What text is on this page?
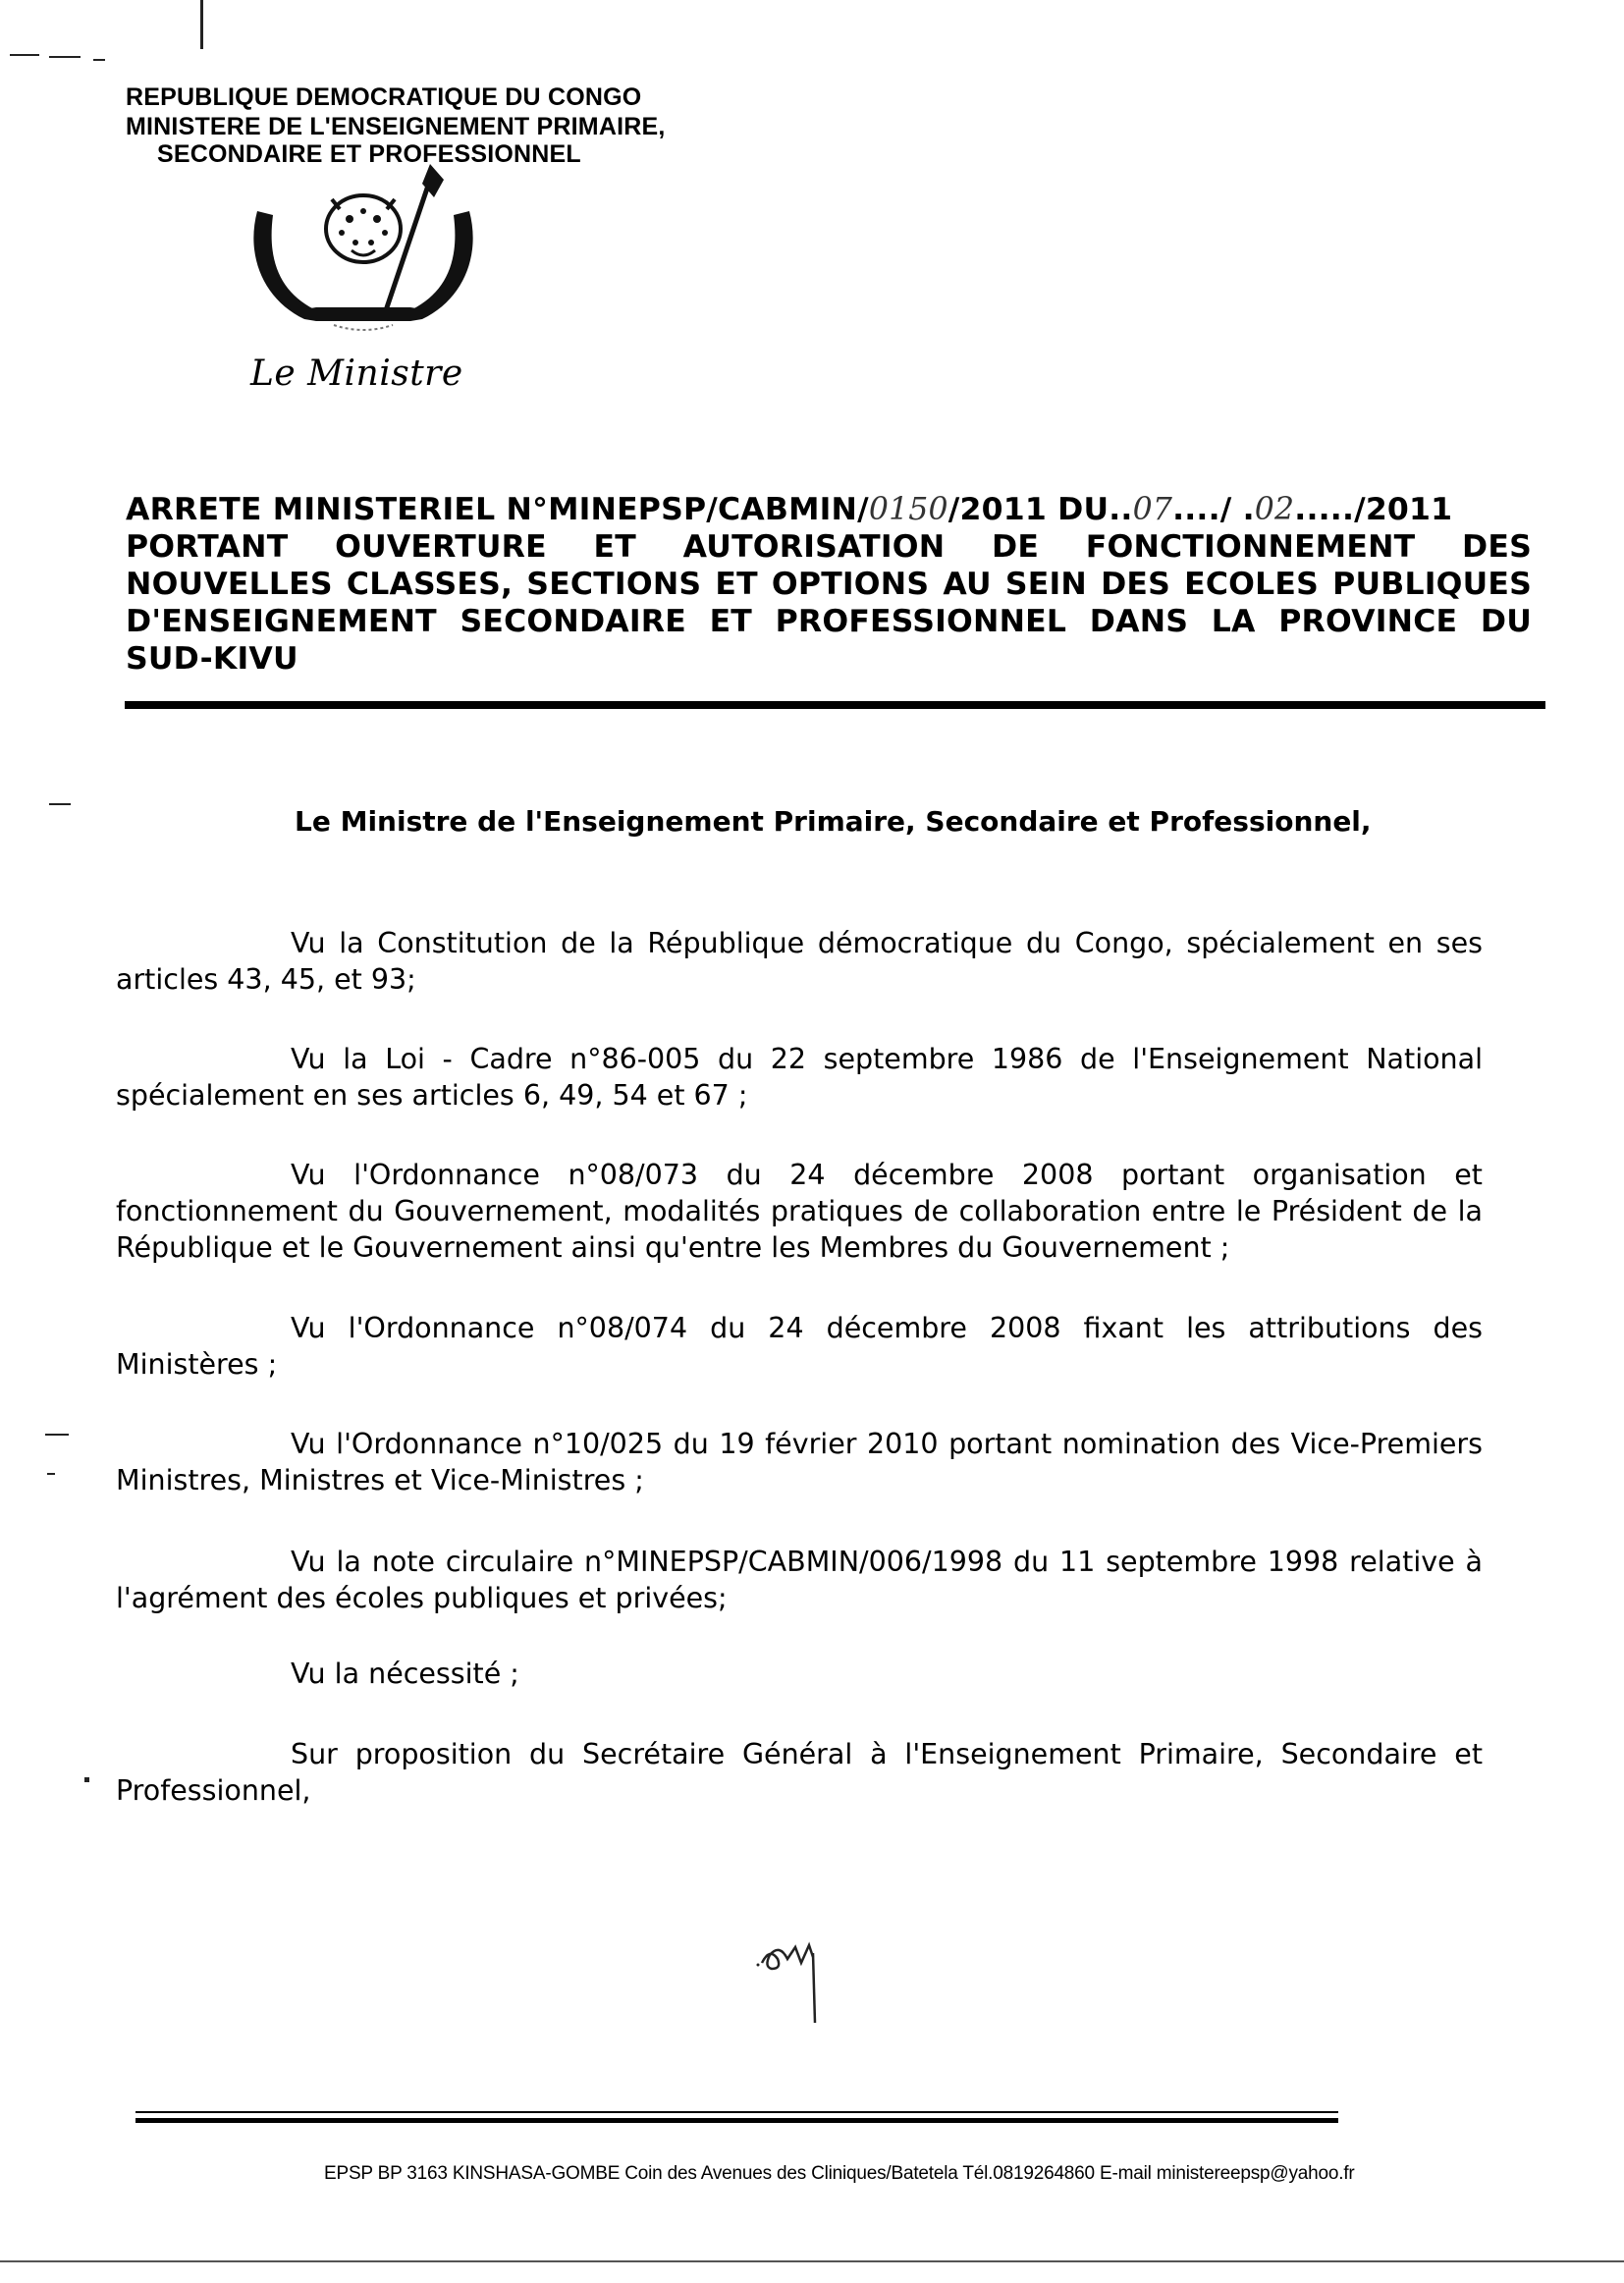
REPUBLIQUE DEMOCRATIQUE DU CONGO
MINISTERE DE L'ENSEIGNEMENT PRIMAIRE,
SECONDAIRE ET PROFESSIONNEL
Le Ministre
ARRETE MINISTERIEL N°MINEPSP/CABMIN/0150/2011 DU..07..../ .02...../2011
PORTANT OUVERTURE ET AUTORISATION DE FONCTIONNEMENT DES NOUVELLES CLASSES, SECTIONS ET OPTIONS AU SEIN DES ECOLES PUBLIQUES D'ENSEIGNEMENT SECONDAIRE ET PROFESSIONNEL DANS LA PROVINCE DU SUD-KIVU
Le Ministre de l'Enseignement Primaire, Secondaire et Professionnel,
Vu la Constitution de la République démocratique du Congo, spécialement en ses articles 43, 45, et 93;
Vu la Loi - Cadre n°86-005 du 22 septembre 1986 de l'Enseignement National spécialement en ses articles 6, 49, 54 et 67 ;
Vu l'Ordonnance n°08/073 du 24 décembre 2008 portant organisation et fonctionnement du Gouvernement, modalités pratiques de collaboration entre le Président de la République et le Gouvernement ainsi qu'entre les Membres du Gouvernement ;
Vu l'Ordonnance n°08/074 du 24 décembre 2008 fixant les attributions des Ministères ;
Vu l'Ordonnance n°10/025 du 19 février 2010 portant nomination des Vice-Premiers Ministres, Ministres et Vice-Ministres ;
Vu la note circulaire n°MINEPSP/CABMIN/006/1998 du 11 septembre 1998 relative à l'agrément des écoles publiques et privées;
Vu la nécessité ;
Sur proposition du Secrétaire Général à l'Enseignement Primaire, Secondaire et Professionnel,
EPSP BP 3163 KINSHASA-GOMBE Coin des Avenues des Cliniques/Batetela Tél.0819264860 E-mail ministereepsp@yahoo.fr
